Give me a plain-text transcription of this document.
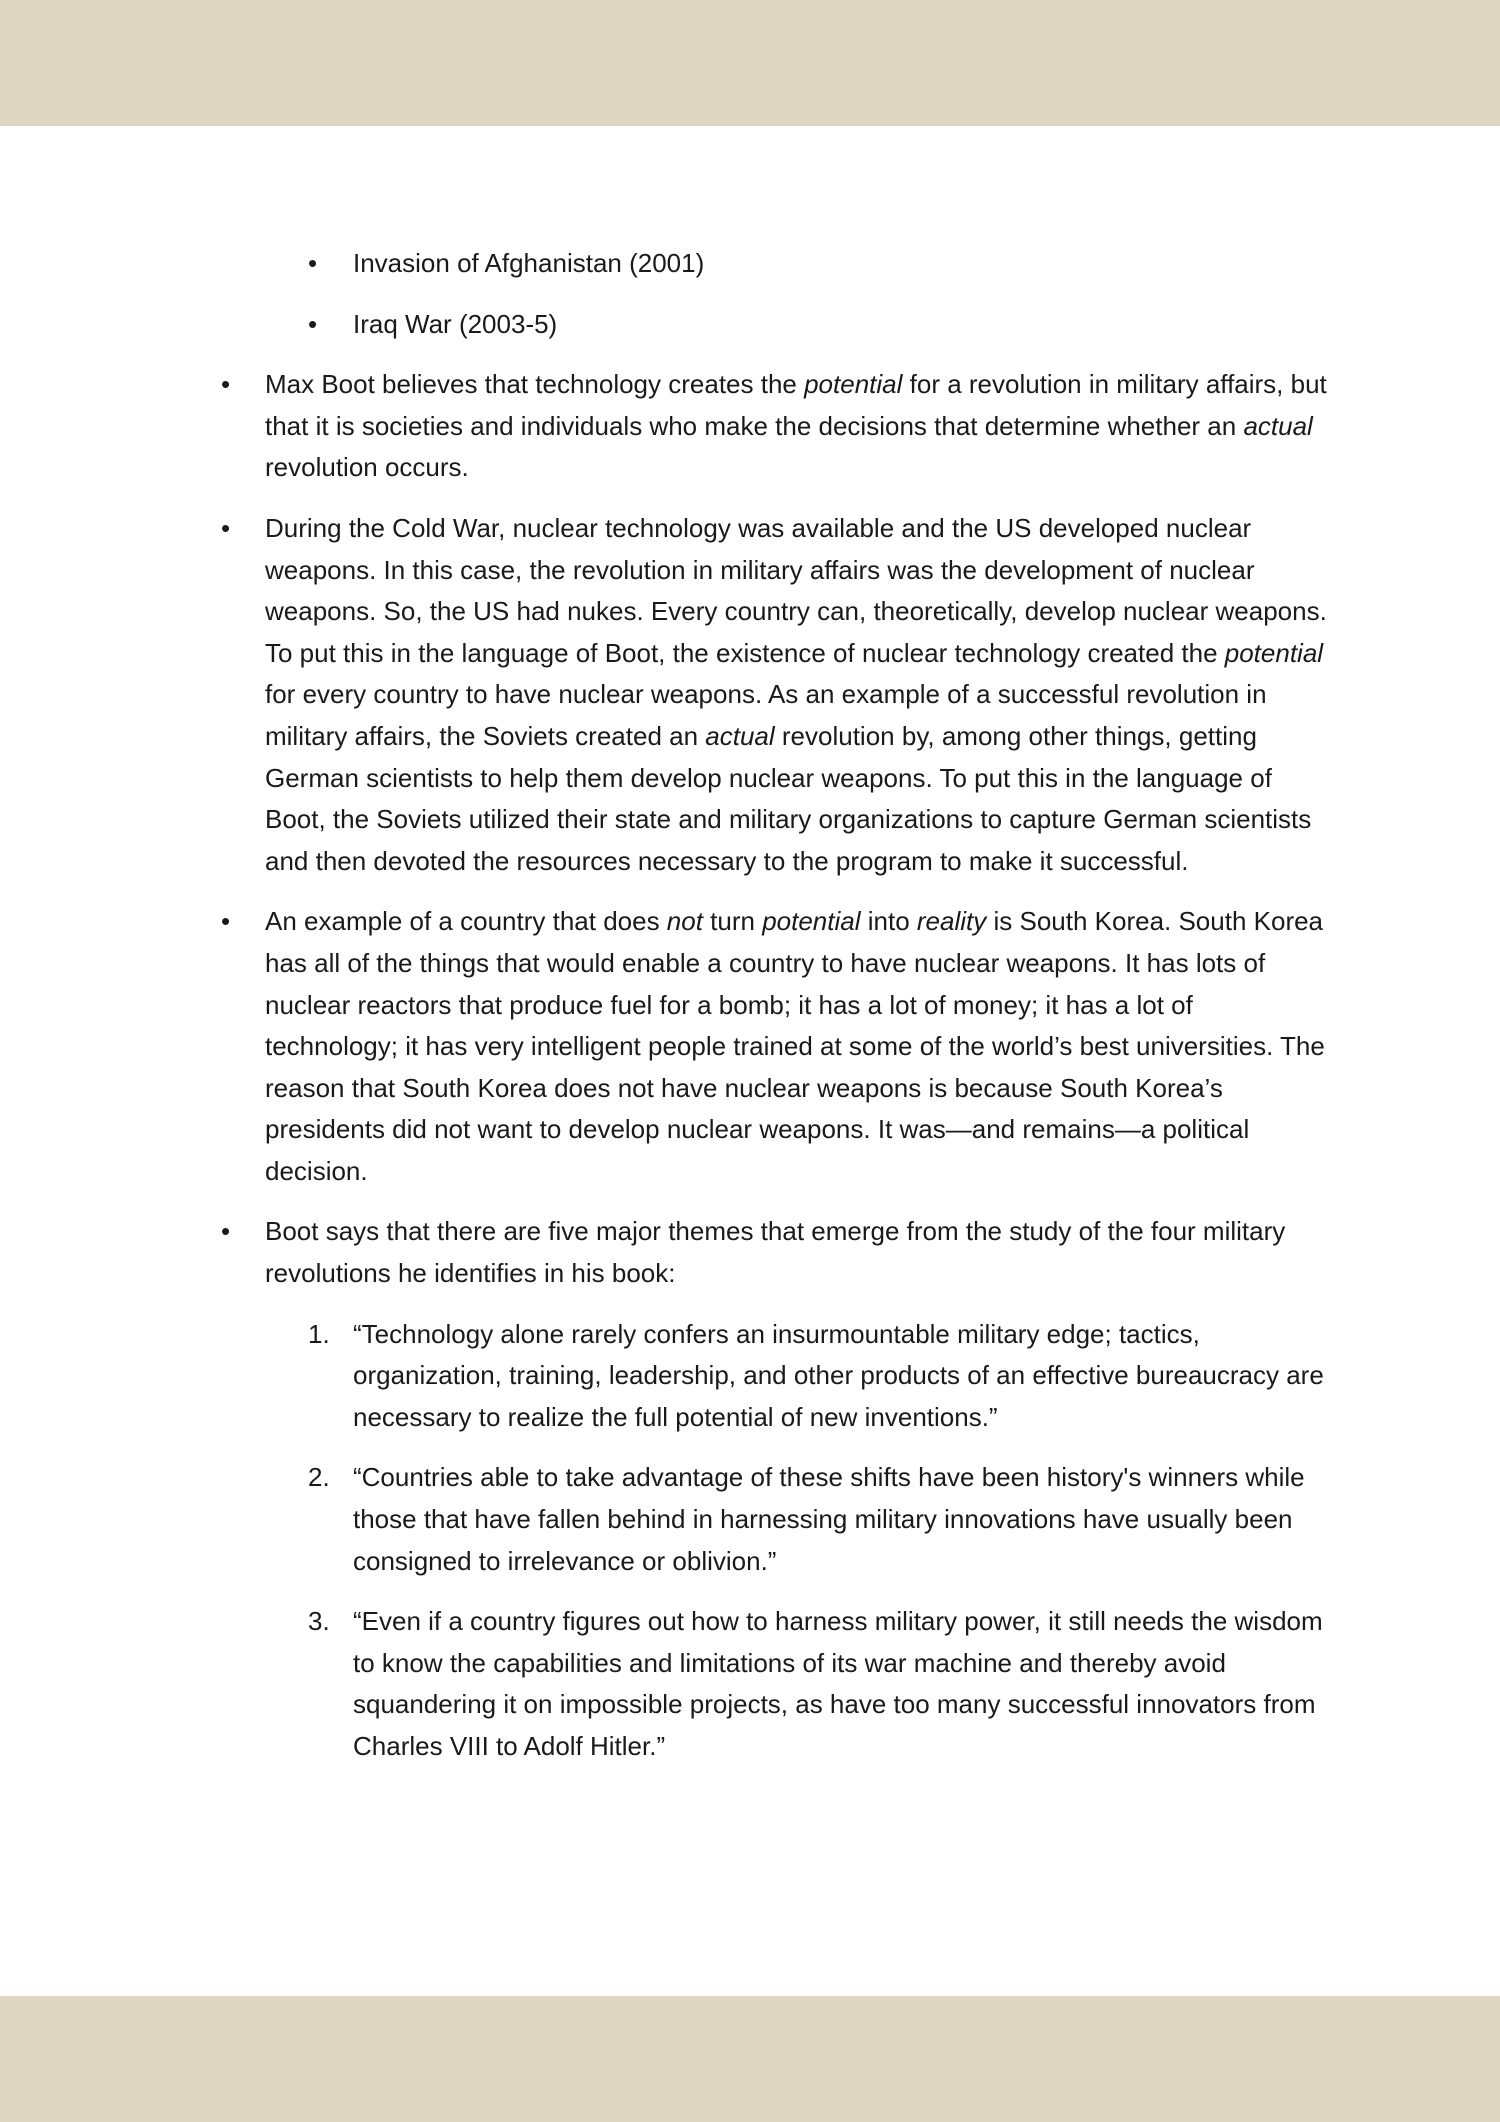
• Invasion of Afghanistan (2001)
• Iraq War (2003-5)
• Max Boot believes that technology creates the potential for a revolution in military affairs, but that it is societies and individuals who make the decisions that determine whether an actual revolution occurs.
• During the Cold War, nuclear technology was available and the US developed nuclear weapons. In this case, the revolution in military affairs was the development of nuclear weapons. So, the US had nukes. Every country can, theoretically, develop nuclear weapons. To put this in the language of Boot, the existence of nuclear technology created the potential for every country to have nuclear weapons. As an example of a successful revolution in military affairs, the Soviets created an actual revolution by, among other things, getting German scientists to help them develop nuclear weapons. To put this in the language of Boot, the Soviets utilized their state and military organizations to capture German scientists and then devoted the resources necessary to the program to make it successful.
• An example of a country that does not turn potential into reality is South Korea. South Korea has all of the things that would enable a country to have nuclear weapons. It has lots of nuclear reactors that produce fuel for a bomb; it has a lot of money; it has a lot of technology; it has very intelligent people trained at some of the world’s best universities. The reason that South Korea does not have nuclear weapons is because South Korea’s presidents did not want to develop nuclear weapons. It was—and remains—a political decision.
• Boot says that there are five major themes that emerge from the study of the four military revolutions he identifies in his book:
1. “Technology alone rarely confers an insurmountable military edge; tactics, organization, training, leadership, and other products of an effective bureaucracy are necessary to realize the full potential of new inventions.”
2. “Countries able to take advantage of these shifts have been history's winners while those that have fallen behind in harnessing military innovations have usually been consigned to irrelevance or oblivion.”
3. “Even if a country figures out how to harness military power, it still needs the wisdom to know the capabilities and limitations of its war machine and thereby avoid squandering it on impossible projects, as have too many successful innovators from Charles VIII to Adolf Hitler.”
